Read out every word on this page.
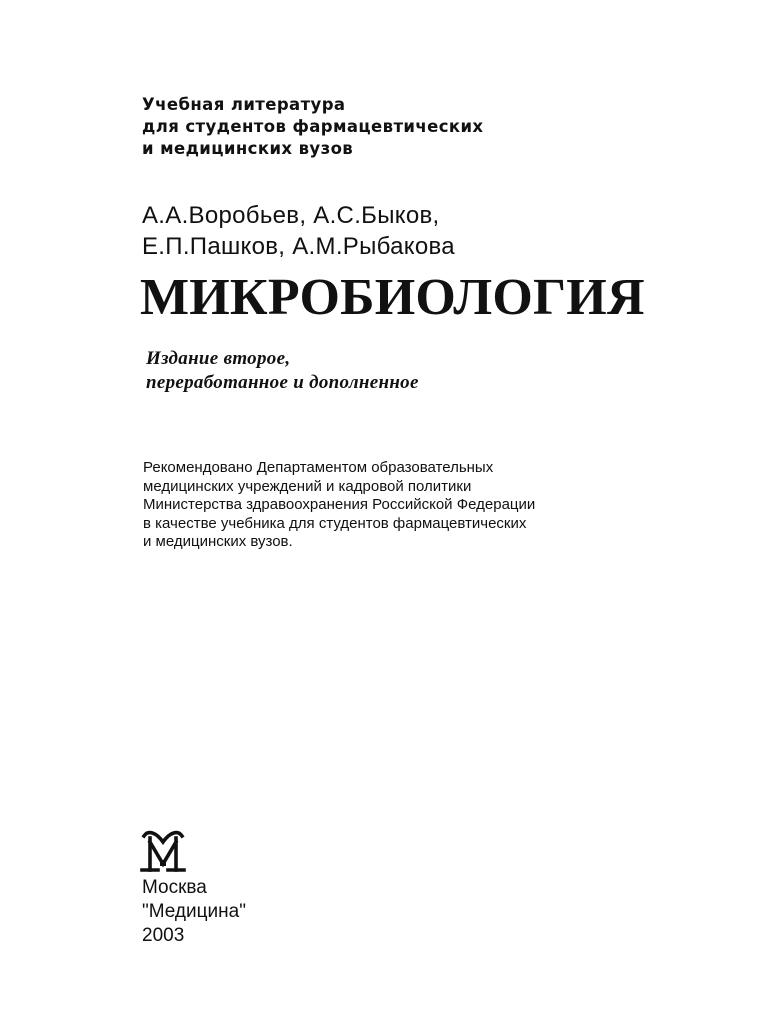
Учебная литература
для студентов фармацевтических
и медицинских вузов
А.А.Воробьев, А.С.Быков,
Е.П.Пашков, А.М.Рыбакова
МИКРОБИОЛОГИЯ
Издание второе,
переработанное и дополненное
Рекомендовано Департаментом образовательных
медицинских учреждений и кадровой политики
Министерства здравоохранения Российской Федерации
в качестве учебника для студентов фармацевтических
и медицинских вузов.
Москва
"Медицина"
2003
